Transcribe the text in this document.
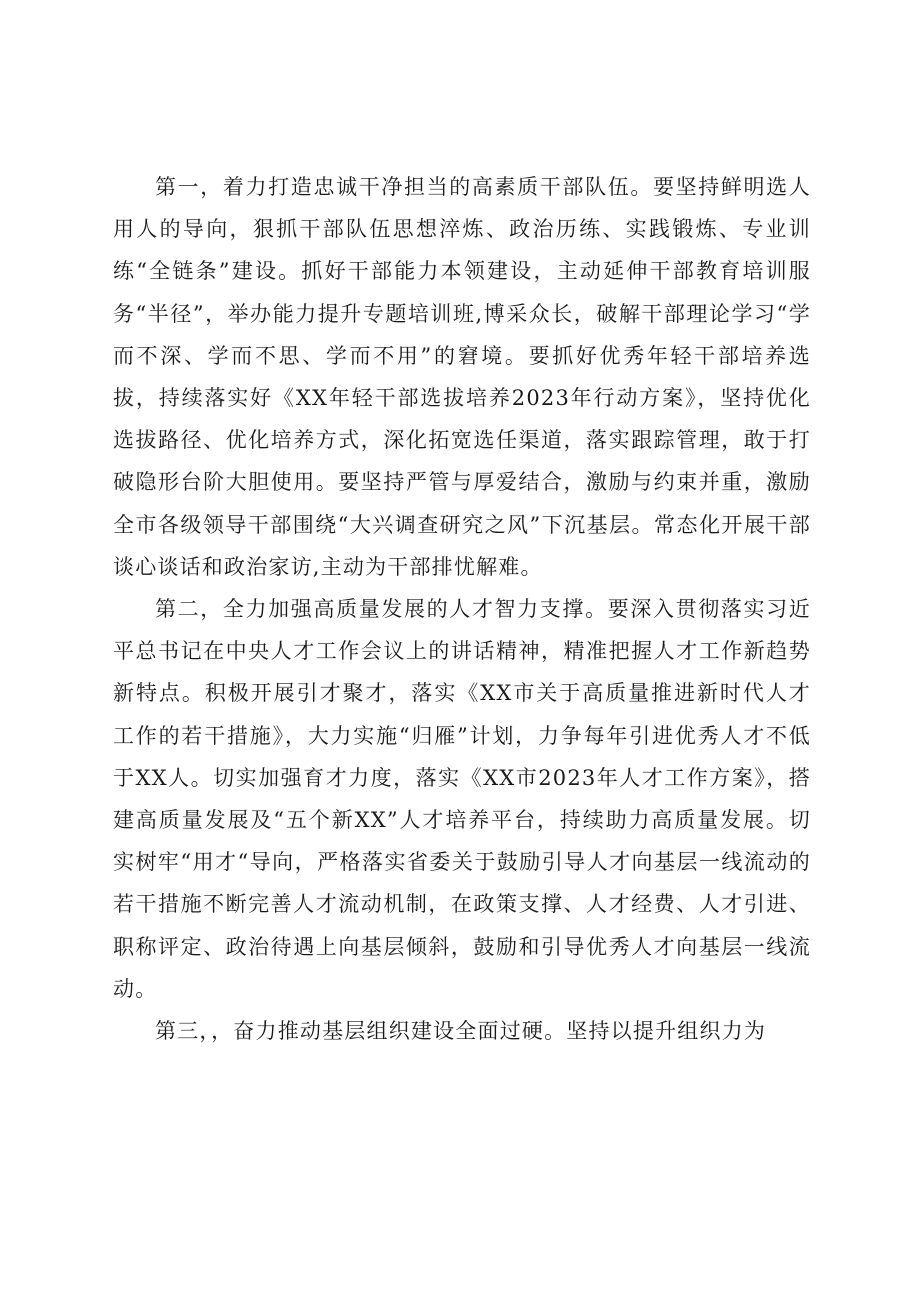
第一，着力打造忠诚干净担当的高素质干部队伍。要坚持鲜明选人用人的导向，狠抓干部队伍思想淬炼、政治历练、实践锻炼、专业训练“全链条”建设。抓好干部能力本领建设，主动延伸干部教育培训服务“半径”，举办能力提升专题培训班,博采众长，破解干部理论学习“学而不深、学而不思、学而不用”的窘境。要抓好优秀年轻干部培养选拔，持续落实好《XX年轻干部选拔培养2023年行动方案》，坚持优化选拔路径、优化培养方式，深化拓宽选任渠道，落实跟踪管理，敢于打破隐形台阶大胆使用。要坚持严管与厚爱结合，激励与约束并重，激励全市各级领导干部围绕“大兴调查研究之风”下沉基层。常态化开展干部谈心谈话和政治家访,主动为干部排忧解难。

第二，全力加强高质量发展的人才智力支撑。要深入贯彻落实习近平总书记在中央人才工作会议上的讲话精神，精准把握人才工作新趋势新特点。积极开展引才聚才，落实《XX市关于高质量推进新时代人才工作的若干措施》，大力实施“归雁”计划，力争每年引进优秀人才不低于XX人。切实加强育才力度，落实《XX市2023年人才工作方案》，搭建高质量发展及“五个新XX”人才培养平台，持续助力高质量发展。切实树牢“用才“导向，严格落实省委关于鼓励引导人才向基层一线流动的若干措施不断完善人才流动机制，在政策支撑、人才经费、人才引进、职称评定、政治待遇上向基层倾斜，鼓励和引导优秀人才向基层一线流动。

第三，，奋力推动基层组织建设全面过硬。坚持以提升组织力为
